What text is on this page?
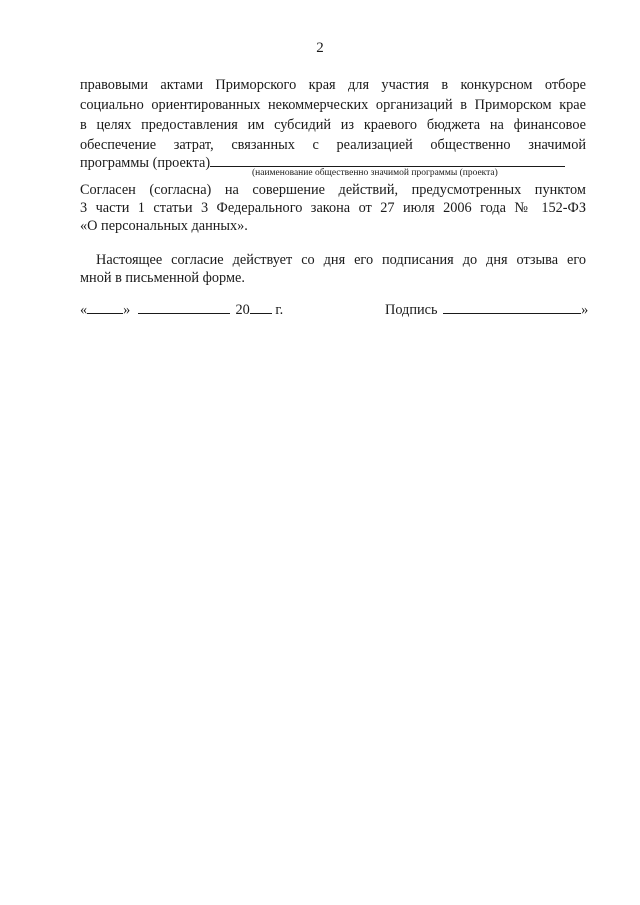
2
правовыми актами Приморского края для участия в конкурсном отборе
социально ориентированных некоммерческих организаций в Приморском крае
в целях предоставления им субсидий из краевого бюджета на финансовое
обеспечение затрат, связанных с реализацией общественно значимой
программы (проекта)
(наименование общественно значимой программы (проекта)
Согласен (согласна) на совершение действий, предусмотренных пунктом
3 части 1 статьи 3 Федерального закона от 27 июля 2006 года № 152-ФЗ
«О персональных данных».
Настоящее согласие действует со дня его подписания до дня отзыва его
мной в письменной форме.
«	»	20 г.	Подпись	»
